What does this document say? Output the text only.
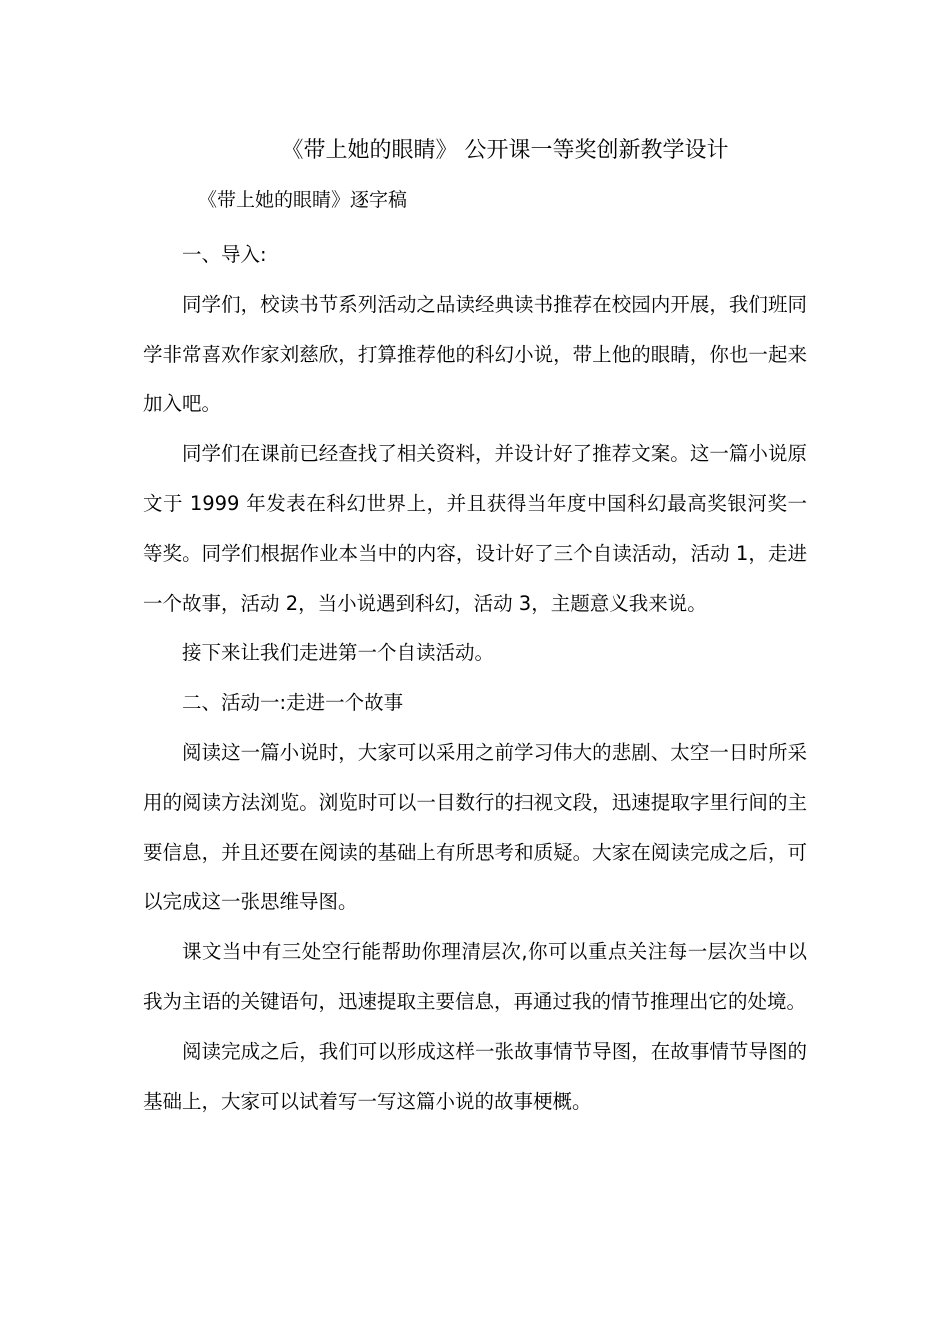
《带上她的眼睛》 公开课一等奖创新教学设计
《带上她的眼睛》逐字稿

一、导入:

同学们，校读书节系列活动之品读经典读书推荐在校园内开展，我们班同学非常喜欢作家刘慈欣，打算推荐他的科幻小说，带上他的眼睛，你也一起来加入吧。

同学们在课前已经查找了相关资料，并设计好了推荐文案。这一篇小说原文于 1999 年发表在科幻世界上，并且获得当年度中国科幻最高奖银河奖一等奖。同学们根据作业本当中的内容，设计好了三个自读活动，活动 1，走进一个故事，活动 2，当小说遇到科幻，活动 3，主题意义我来说。

接下来让我们走进第一个自读活动。

二、活动一:走进一个故事

阅读这一篇小说时，大家可以采用之前学习伟大的悲剧、太空一日时所采用的阅读方法浏览。浏览时可以一目数行的扫视文段，迅速提取字里行间的主要信息，并且还要在阅读的基础上有所思考和质疑。大家在阅读完成之后，可以完成这一张思维导图。

课文当中有三处空行能帮助你理清层次,你可以重点关注每一层次当中以我为主语的关键语句，迅速提取主要信息，再通过我的情节推理出它的处境。

阅读完成之后，我们可以形成这样一张故事情节导图，在故事情节导图的基础上，大家可以试着写一写这篇小说的故事梗概。
